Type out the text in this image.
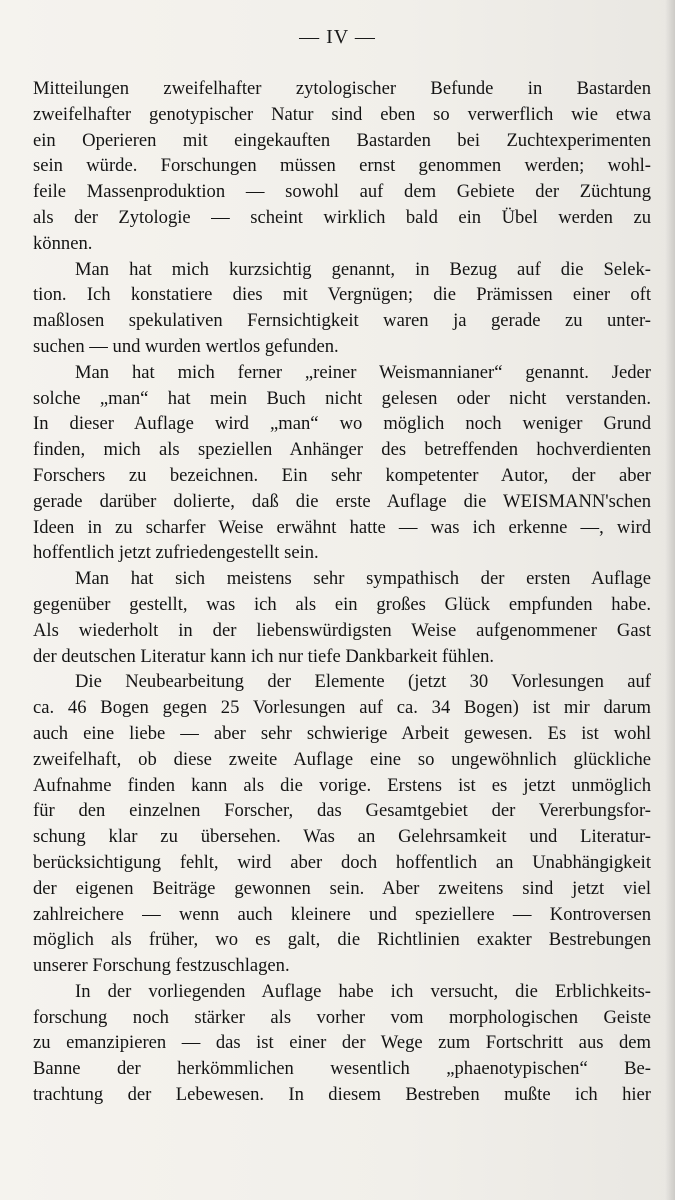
— IV —
Mitteilungen zweifelhafter zytologischer Befunde in Bastarden
zweifelhafter genotypischer Natur sind eben so verwerflich wie etwa
ein Operieren mit eingekauften Bastarden bei Zuchtexperimenten
sein würde. Forschungen müssen ernst genommen werden; wohl-
feile Massenproduktion — sowohl auf dem Gebiete der Züchtung
als der Zytologie — scheint wirklich bald ein Übel werden zu
können.
Man hat mich kurzsichtig genannt, in Bezug auf die Selek-
tion. Ich konstatiere dies mit Vergnügen; die Prämissen einer oft
maßlosen spekulativen Fernsichtigkeit waren ja gerade zu unter-
suchen — und wurden wertlos gefunden.
Man hat mich ferner „reiner Weismannianer“ genannt. Jeder
solche „man“ hat mein Buch nicht gelesen oder nicht verstanden.
In dieser Auflage wird „man“ wo möglich noch weniger Grund
finden, mich als speziellen Anhänger des betreffenden hochverdienten
Forschers zu bezeichnen. Ein sehr kompetenter Autor, der aber
gerade darüber dolierte, daß die erste Auflage die WEISMANN'schen
Ideen in zu scharfer Weise erwähnt hatte — was ich erkenne —, wird
hoffentlich jetzt zufriedengestellt sein.
Man hat sich meistens sehr sympathisch der ersten Auflage
gegenüber gestellt, was ich als ein großes Glück empfunden habe.
Als wiederholt in der liebenswürdigsten Weise aufgenommener Gast
der deutschen Literatur kann ich nur tiefe Dankbarkeit fühlen.
Die Neubearbeitung der Elemente (jetzt 30 Vorlesungen auf
ca. 46 Bogen gegen 25 Vorlesungen auf ca. 34 Bogen) ist mir darum
auch eine liebe — aber sehr schwierige Arbeit gewesen. Es ist wohl
zweifelhaft, ob diese zweite Auflage eine so ungewöhnlich glückliche
Aufnahme finden kann als die vorige. Erstens ist es jetzt unmöglich
für den einzelnen Forscher, das Gesamtgebiet der Vererbungsfor-
schung klar zu übersehen. Was an Gelehrsamkeit und Literatur-
berücksichtigung fehlt, wird aber doch hoffentlich an Unabhängigkeit
der eigenen Beiträge gewonnen sein. Aber zweitens sind jetzt viel
zahlreichere — wenn auch kleinere und speziellere — Kontroversen
möglich als früher, wo es galt, die Richtlinien exakter Bestrebungen
unserer Forschung festzuschlagen.
In der vorliegenden Auflage habe ich versucht, die Erblichkeits-
forschung noch stärker als vorher vom morphologischen Geiste
zu emanzipieren — das ist einer der Wege zum Fortschritt aus dem
Banne der herkömmlichen wesentlich „phaenotypischen“ Be-
trachtung der Lebewesen. In diesem Bestreben mußte ich hier
